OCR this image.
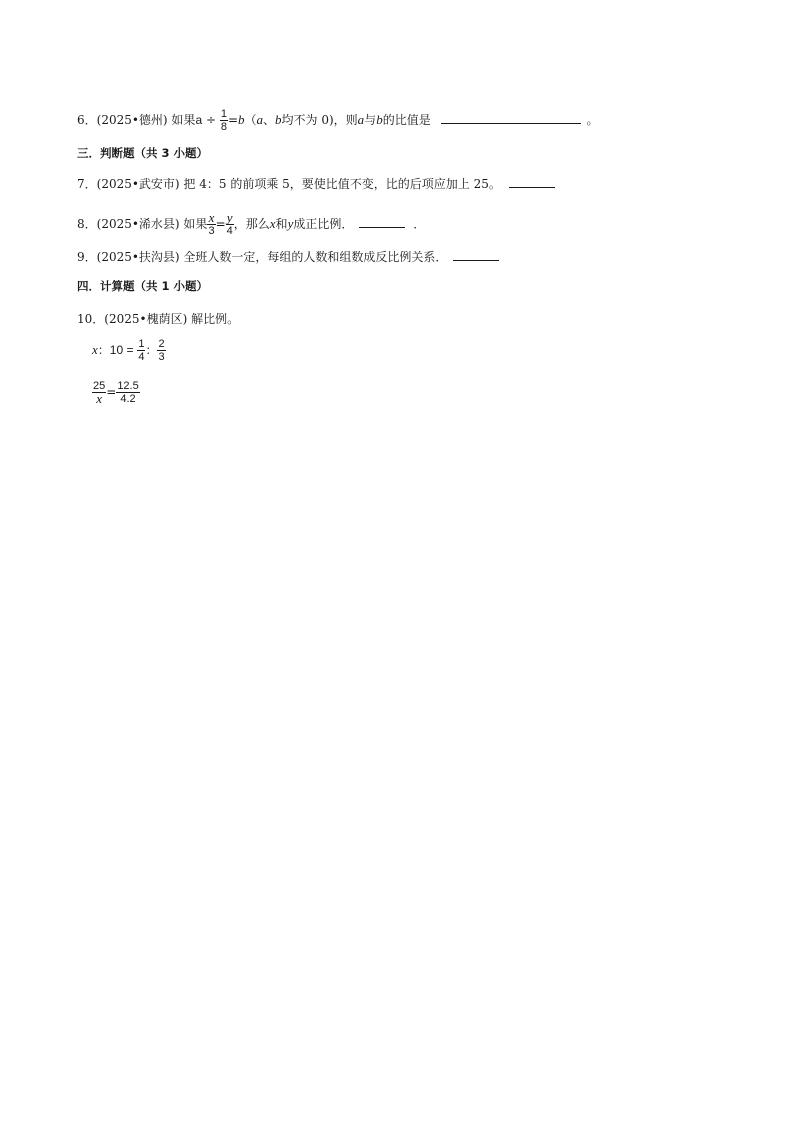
6．(2025•德州) 如果$a \div \frac{1}{8} =b(a$、b均不为 0)，则a与b的比值是	。
三．判断题（共 3 小题）
7．(2025•武安市) 把 4：5 的前项乘 5，要使比值不变，比的后项应加上 25。
8．(2025•浠水县) 如果 $\frac{x}{3} = \frac{y}{4}$ ，那么x和y成正比例．	．
9．(2025•扶沟县) 全班人数一定，每组的人数和组数成反比例关系．
四．计算题（共 1 小题）
10．(2025•槐荫区) 解比例。
x：$10 = \frac{1}{4}$ ： $\frac{2}{3}$
$\frac{25}{x} = \frac{12.5}{4.2}$
